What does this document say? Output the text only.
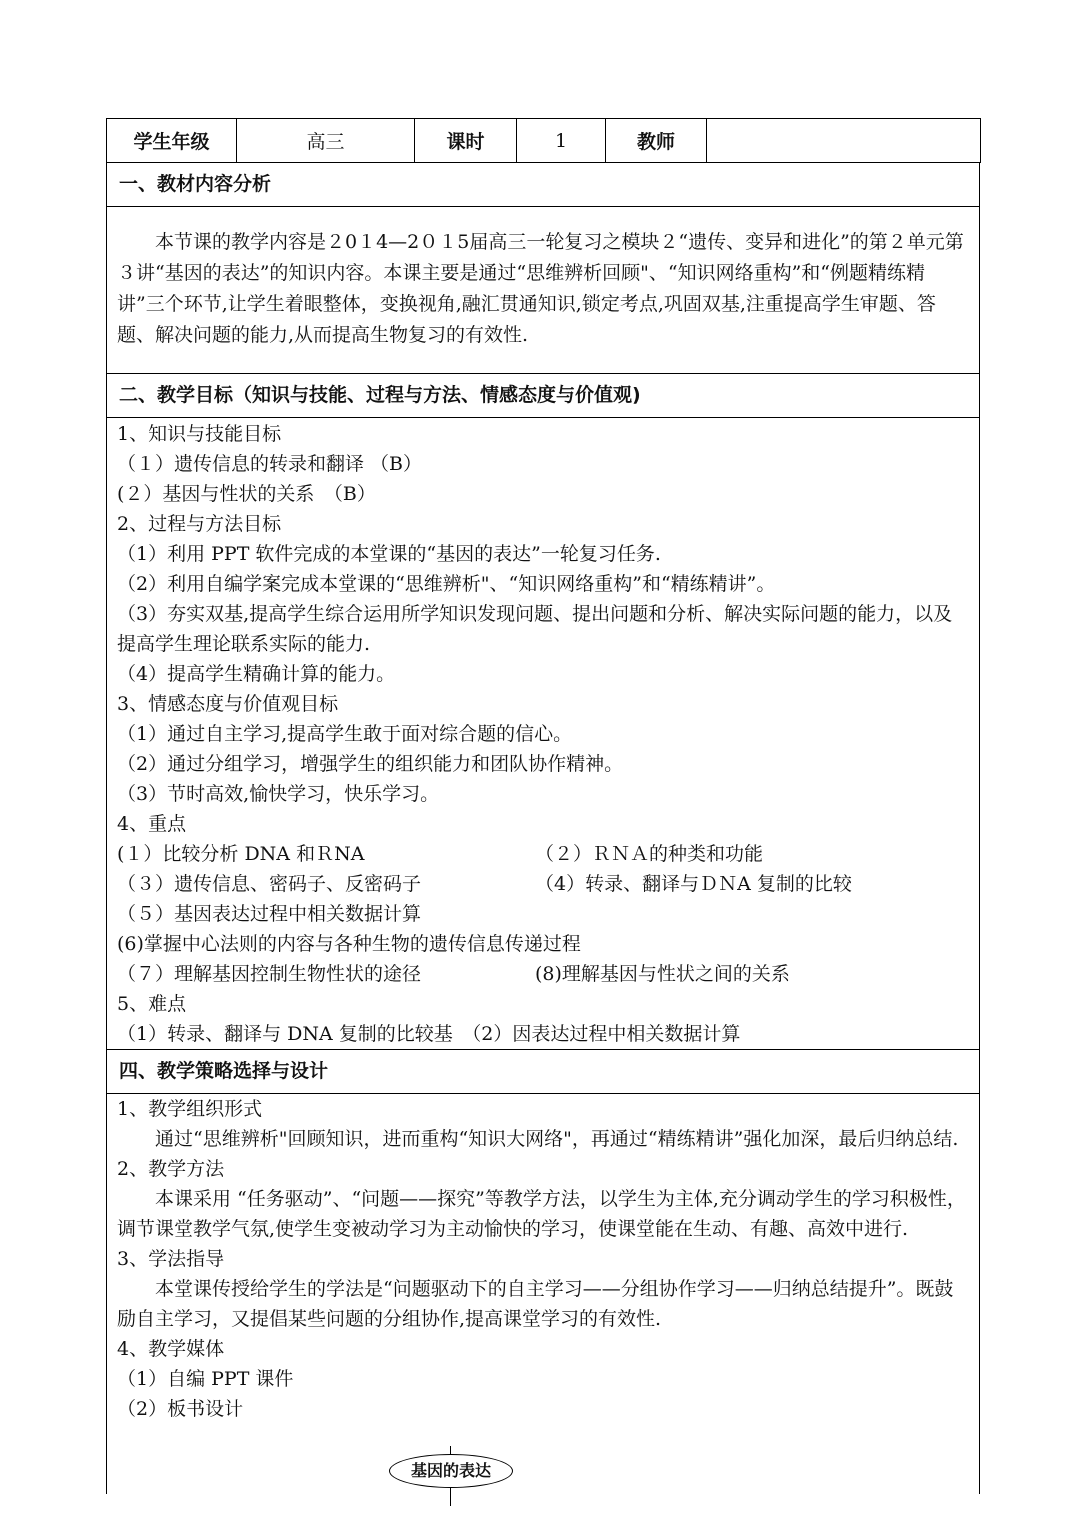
学生年级	高三	课时	1	教师	
一、教材内容分析
本节课的教学内容是２0１4—2０１5届高三一轮复习之模块２“遗传、变异和进化”的第２单元第３讲“基因的表达”的知识内容。本课主要是通过“思维辨析回顾"、“知识网络重构”和“例题精练精讲”三个环节,让学生着眼整体，变换视角,融汇贯通知识,锁定考点,巩固双基,注重提高学生审题、答题、解决问题的能力,从而提高生物复习的有效性.
二、教学目标（知识与技能、过程与方法、情感态度与价值观)
1、知识与技能目标
（１）遗传信息的转录和翻译 （B）
(２）基因与性状的关系　（B）
2、过程与方法目标
（1）利用 PPT 软件完成的本堂课的“基因的表达”一轮复习任务.
（2）利用自编学案完成本堂课的“思维辨析"、“知识网络重构”和“精练精讲”。
（3）夯实双基,提高学生综合运用所学知识发现问题、提出问题和分析、解决实际问题的能力，以及提高学生理论联系实际的能力.
（4）提高学生精确计算的能力。
3、情感态度与价值观目标
（1）通过自主学习,提高学生敢于面对综合题的信心。
（2）通过分组学习，增强学生的组织能力和团队协作精神。
（3）节时高效,愉快学习，快乐学习。
4、重点
(１）比较分析 DNA 和ＲNA	（２）ＲＮＡ的种类和功能
（３）遗传信息、密码子、反密码子	（4）转录、翻译与ＤＮA 复制的比较
（５）基因表达过程中相关数据计算
(6)掌握中心法则的内容与各种生物的遗传信息传递过程
（７）理解基因控制生物性状的途径	(8)理解基因与性状之间的关系
5、难点
（1）转录、翻译与 DNA 复制的比较基　（2）因表达过程中相关数据计算
四、教学策略选择与设计
1、教学组织形式
通过“思维辨析"回顾知识，进而重构“知识大网络"，再通过“精练精讲”强化加深，最后归纳总结.
2、教学方法
本课采用 “任务驱动”、“问题——探究”等教学方法，以学生为主体,充分调动学生的学习积极性，调节课堂教学气氛,使学生变被动学习为主动愉快的学习，使课堂能在生动、有趣、高效中进行.
3、学法指导
本堂课传授给学生的学法是“问题驱动下的自主学习——分组协作学习——归纳总结提升”。既鼓励自主学习，又提倡某些问题的分组协作,提高课堂学习的有效性.
4、教学媒体
（1）自编 PPT 课件
（2）板书设计
基因的表达
